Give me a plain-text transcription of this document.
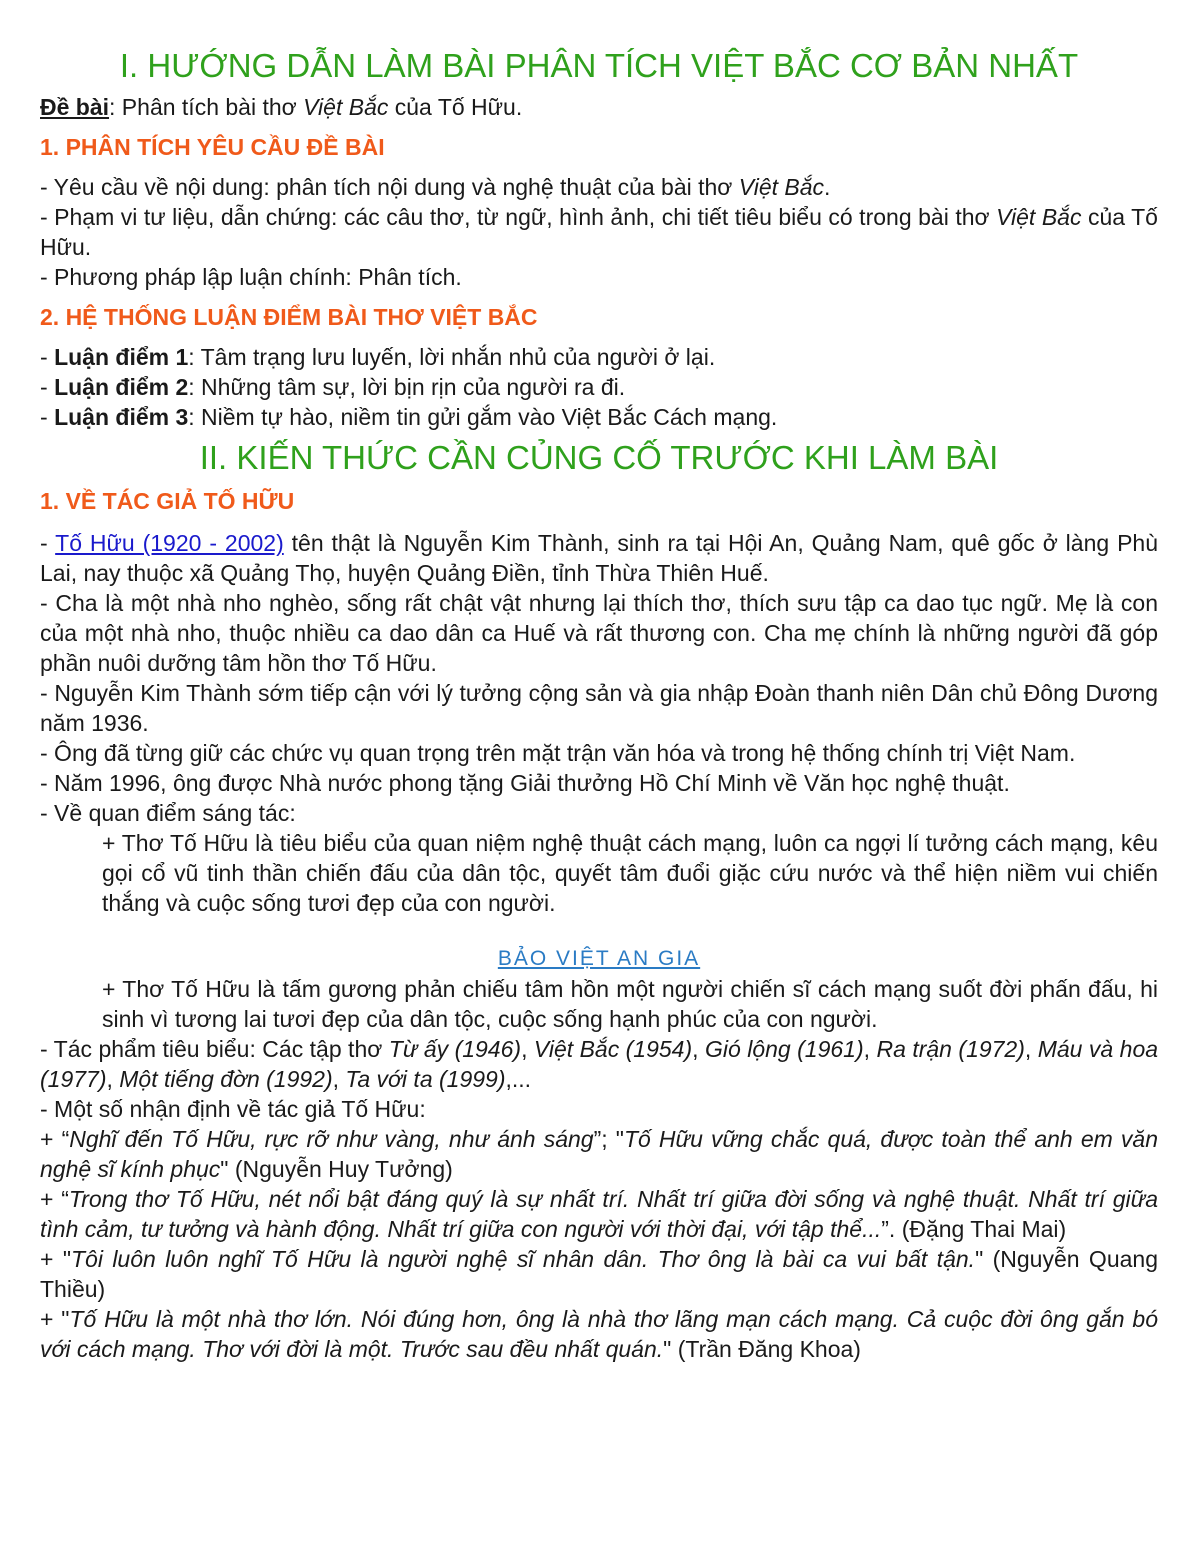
I. HƯỚNG DẪN LÀM BÀI PHÂN TÍCH VIỆT BẮC CƠ BẢN NHẤT

Đề bài: Phân tích bài thơ Việt Bắc của Tố Hữu.

1. PHÂN TÍCH YÊU CẦU ĐỀ BÀI

- Yêu cầu về nội dung: phân tích nội dung và nghệ thuật của bài thơ Việt Bắc.

- Phạm vi tư liệu, dẫn chứng: các câu thơ, từ ngữ, hình ảnh, chi tiết tiêu biểu có trong bài thơ Việt Bắc của Tố Hữu.

- Phương pháp lập luận chính: Phân tích.

2. HỆ THỐNG LUẬN ĐIỂM BÀI THƠ VIỆT BẮC

- Luận điểm 1: Tâm trạng lưu luyến, lời nhắn nhủ của người ở lại.

- Luận điểm 2: Những tâm sự, lời bịn rịn của người ra đi.

- Luận điểm 3: Niềm tự hào, niềm tin gửi gắm vào Việt Bắc Cách mạng.

II. KIẾN THỨC CẦN CỦNG CỐ TRƯỚC KHI LÀM BÀI
1. VỀ TÁC GIẢ TỐ HỮU

- Tố Hữu (1920 - 2002) tên thật là Nguyễn Kim Thành, sinh ra tại Hội An, Quảng Nam, quê gốc ở làng Phù Lai, nay thuộc xã Quảng Thọ, huyện Quảng Điền, tỉnh Thừa Thiên Huế.

- Cha là một nhà nho nghèo, sống rất chật vật nhưng lại thích thơ, thích sưu tập ca dao tục ngữ. Mẹ là con của một nhà nho, thuộc nhiều ca dao dân ca Huế và rất thương con. Cha mẹ chính là những người đã góp phần nuôi dưỡng tâm hồn thơ Tố Hữu.

- Nguyễn Kim Thành sớm tiếp cận với lý tưởng cộng sản và gia nhập Đoàn thanh niên Dân chủ Đông Dương năm 1936.

- Ông đã từng giữ các chức vụ quan trọng trên mặt trận văn hóa và trong hệ thống chính trị Việt Nam.

- Năm 1996, ông được Nhà nước phong tặng Giải thưởng Hồ Chí Minh về Văn học nghệ thuật.

- Về quan điểm sáng tác:

+ Thơ Tố Hữu là tiêu biểu của quan niệm nghệ thuật cách mạng, luôn ca ngợi lí tưởng cách mạng, kêu gọi cổ vũ tinh thần chiến đấu của dân tộc, quyết tâm đuổi giặc cứu nước và thể hiện niềm vui chiến thắng và cuộc sống tươi đẹp của con người.

BẢO VIỆT AN GIA

+ Thơ Tố Hữu là tấm gương phản chiếu tâm hồn một người chiến sĩ cách mạng suốt đời phấn đấu, hi sinh vì tương lai tươi đẹp của dân tộc, cuộc sống hạnh phúc của con người.

- Tác phẩm tiêu biểu: Các tập thơ Từ ấy (1946), Việt Bắc (1954), Gió lộng (1961), Ra trận (1972), Máu và hoa (1977), Một tiếng đờn (1992), Ta với ta (1999),...

- Một số nhận định về tác giả Tố Hữu:

+ “Nghĩ đến Tố Hữu, rực rỡ như vàng, như ánh sáng”; "Tố Hữu vững chắc quá, được toàn thể anh em văn nghệ sĩ kính phục" (Nguyễn Huy Tưởng)

+ “Trong thơ Tố Hữu, nét nổi bật đáng quý là sự nhất trí. Nhất trí giữa đời sống và nghệ thuật. Nhất trí giữa tình cảm, tư tưởng và hành động. Nhất trí giữa con người với thời đại, với tập thể...”. (Đặng Thai Mai)

+ "Tôi luôn luôn nghĩ Tố Hữu là người nghệ sĩ nhân dân. Thơ ông là bài ca vui bất tận." (Nguyễn Quang Thiều)

+ "Tố Hữu là một nhà thơ lớn. Nói đúng hơn, ông là nhà thơ lãng mạn cách mạng. Cả cuộc đời ông gắn bó với cách mạng. Thơ với đời là một. Trước sau đều nhất quán." (Trần Đăng Khoa)
